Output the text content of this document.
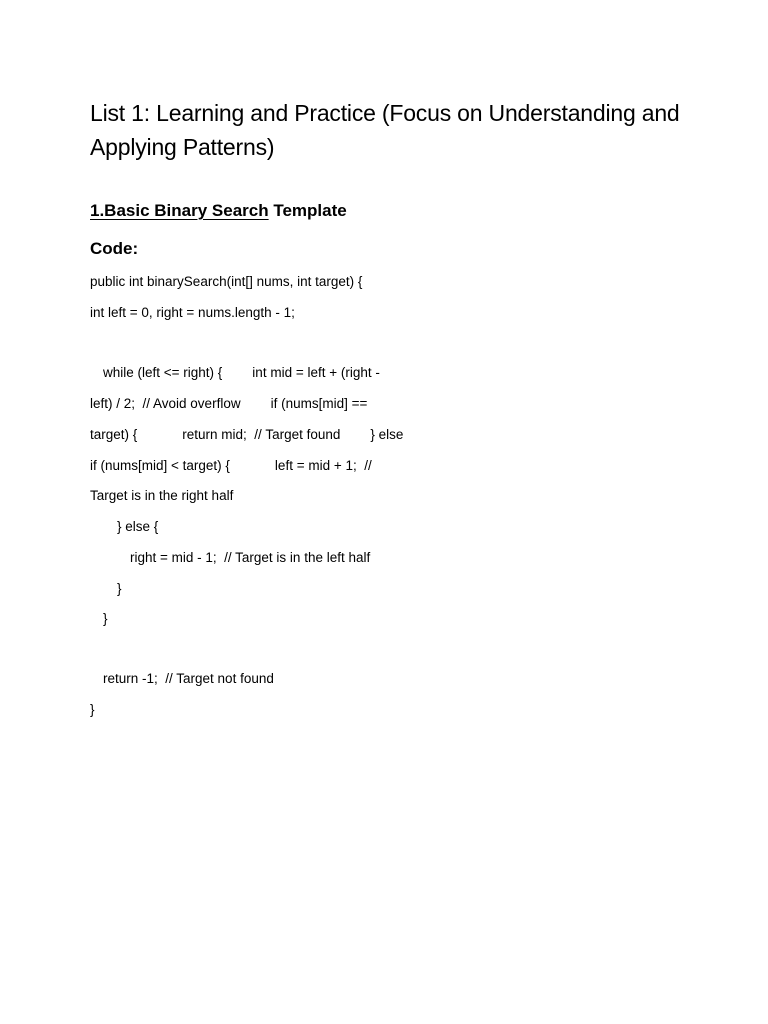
List 1: Learning and Practice (Focus on Understanding and Applying Patterns)
1.Basic Binary Search Template
Code:
public int binarySearch(int[] nums, int target) {
int left = 0, right = nums.length - 1;
while (left <= right) {        int mid = left + (right -
left) / 2;  // Avoid overflow        if (nums[mid] ==
target) {            return mid;  // Target found        } else
if (nums[mid] < target) {            left = mid + 1;  //
Target is in the right half
} else {
right = mid - 1;  // Target is in the left half
}
}
return -1;  // Target not found
}
